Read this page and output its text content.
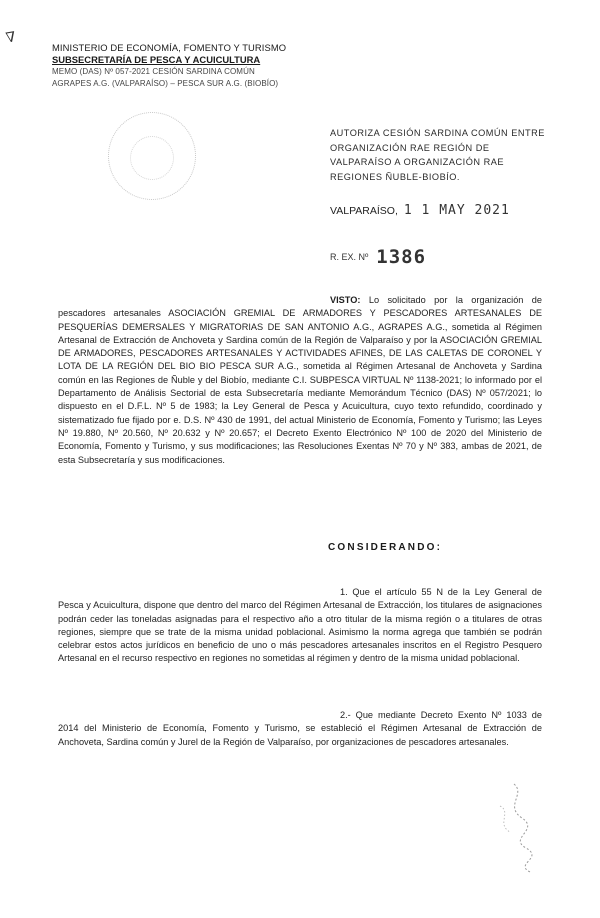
∇
MINISTERIO DE ECONOMÍA, FOMENTO Y TURISMO
SUBSECRETARÍA DE PESCA Y ACUICULTURA
MEMO (DAS) Nº 057-2021 CESIÓN SARDINA COMÚN
AGRAPES A.G. (VALPARAÍSO) – PESCA SUR A.G. (BIOBÍO)
AUTORIZA CESIÓN SARDINA COMÚN ENTRE ORGANIZACIÓN RAE REGIÓN DE VALPARAÍSO A ORGANIZACIÓN RAE REGIONES ÑUBLE-BIOBÍO.
VALPARAÍSO, 1 1 MAY 2021
R. EX. Nº 1386
VISTO: Lo solicitado por la organización de pescadores artesanales ASOCIACIÓN GREMIAL DE ARMADORES Y PESCADORES ARTESANALES DE PESQUERÍAS DEMERSALES Y MIGRATORIAS DE SAN ANTONIO A.G., AGRAPES A.G., sometida al Régimen Artesanal de Extracción de Anchoveta y Sardina común de la Región de Valparaíso y por la ASOCIACIÓN GREMIAL DE ARMADORES, PESCADORES ARTESANALES Y ACTIVIDADES AFINES, DE LAS CALETAS DE CORONEL Y LOTA DE LA REGIÓN DEL BIO BIO PESCA SUR A.G., sometida al Régimen Artesanal de Anchoveta y Sardina común en las Regiones de Ñuble y del Biobío, mediante C.I. SUBPESCA VIRTUAL Nº 1138-2021; lo informado por el Departamento de Análisis Sectorial de esta Subsecretaría mediante Memorándum Técnico (DAS) Nº 057/2021; lo dispuesto en el D.F.L. Nº 5 de 1983; la Ley General de Pesca y Acuicultura, cuyo texto refundido, coordinado y sistematizado fue fijado por e. D.S. Nº 430 de 1991, del actual Ministerio de Economía, Fomento y Turismo; las Leyes Nº 19.880, Nº 20.560, Nº 20.632 y Nº 20.657; el Decreto Exento Electrónico Nº 100 de 2020 del Ministerio de Economía, Fomento y Turismo, y sus modificaciones; las Resoluciones Exentas Nº 70 y Nº 383, ambas de 2021, de esta Subsecretaría y sus modificaciones.
CONSIDERANDO:
1. Que el artículo 55 N de la Ley General de Pesca y Acuicultura, dispone que dentro del marco del Régimen Artesanal de Extracción, los titulares de asignaciones podrán ceder las toneladas asignadas para el respectivo año a otro titular de la misma región o a titulares de otras regiones, siempre que se trate de la misma unidad poblacional. Asimismo la norma agrega que también se podrán celebrar estos actos jurídicos en beneficio de uno o más pescadores artesanales inscritos en el Registro Pesquero Artesanal en el recurso respectivo en regiones no sometidas al régimen y dentro de la misma unidad poblacional.
2.- Que mediante Decreto Exento Nº 1033 de 2014 del Ministerio de Economía, Fomento y Turismo, se estableció el Régimen Artesanal de Extracción de Anchoveta, Sardina común y Jurel de la Región de Valparaíso, por organizaciones de pescadores artesanales.
